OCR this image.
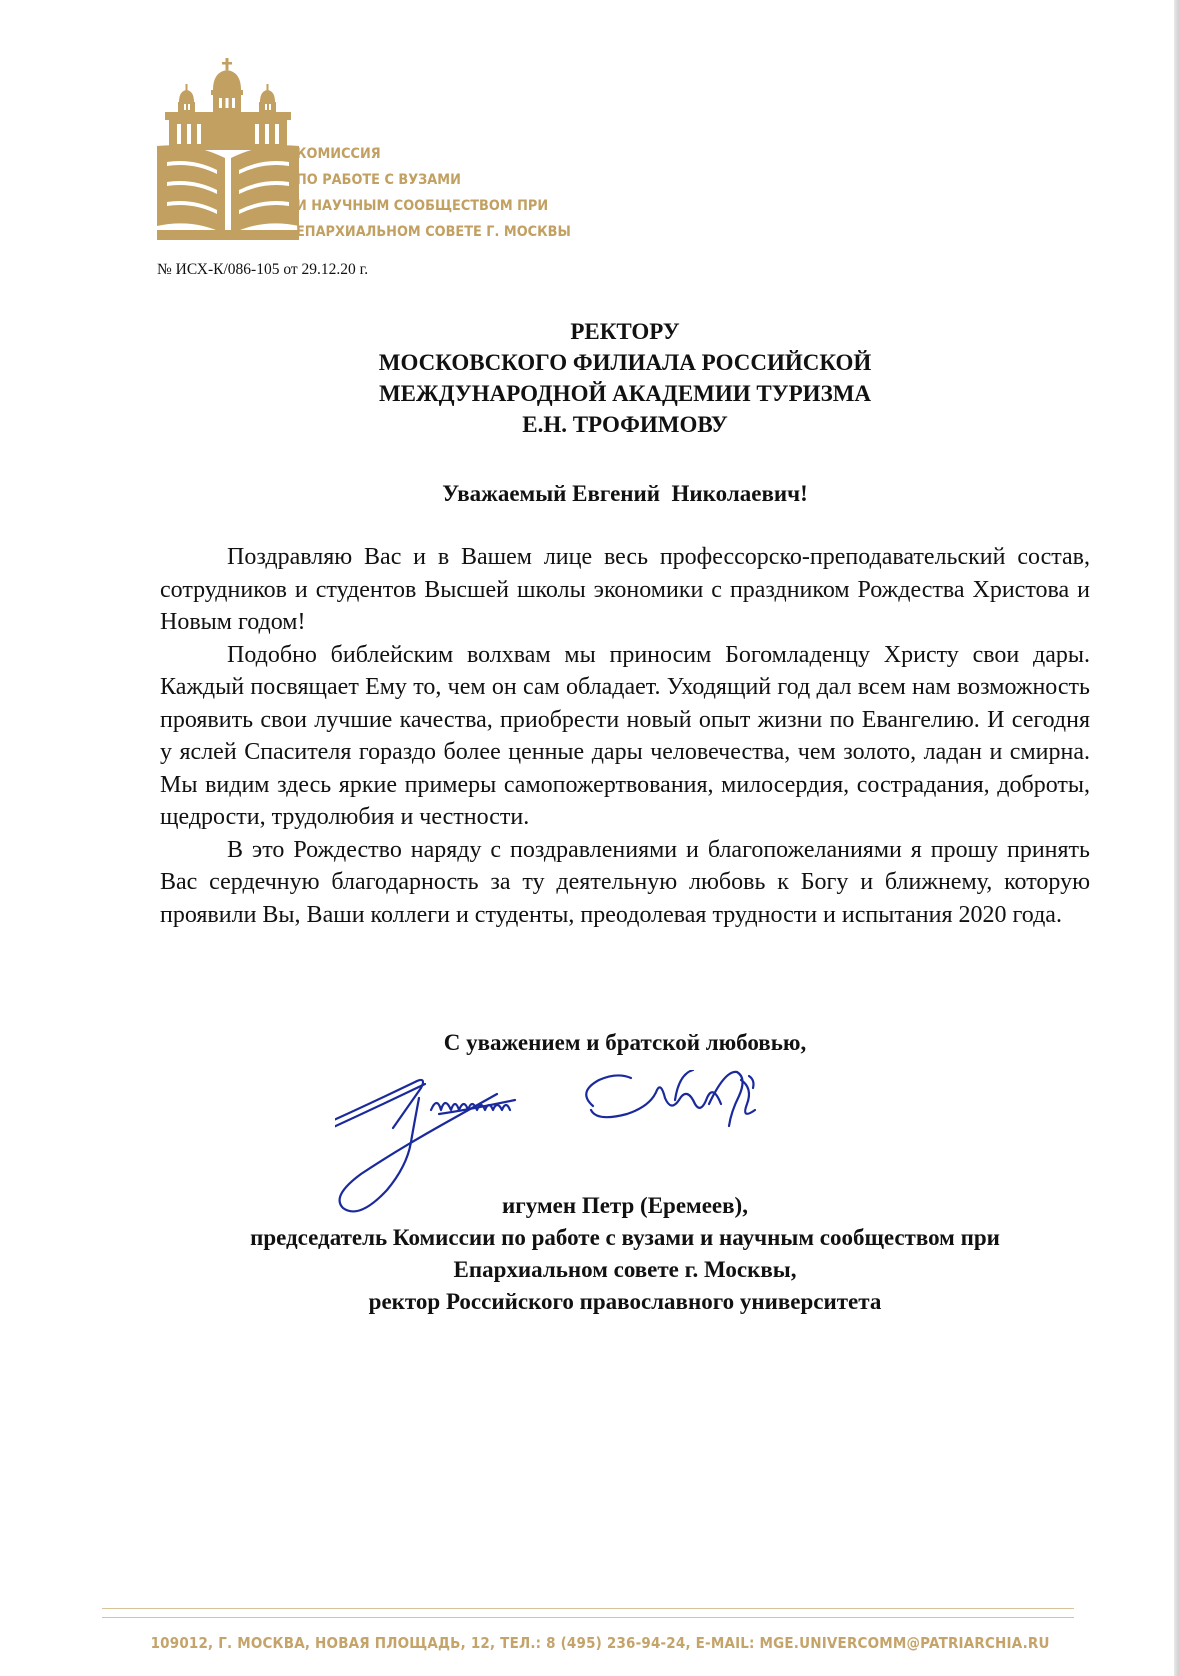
КОМИССИЯ
ПО РАБОТЕ С ВУЗАМИ
И НАУЧНЫМ СООБЩЕСТВОМ ПРИ
ЕПАРХИАЛЬНОМ СОВЕТЕ Г. МОСКВЫ
№ ИСХ-К/086-105 от 29.12.20 г.
РЕКТОРУ
МОСКОВСКОГО ФИЛИАЛА РОССИЙСКОЙ
МЕЖДУНАРОДНОЙ АКАДЕМИИ ТУРИЗМА
Е.Н. ТРОФИМОВУ
Уважаемый Евгений  Николаевич!

Поздравляю Вас и в Вашем лице весь профессорско-преподавательский состав, сотрудников и студентов Высшей школы экономики с праздником Рождества Христова и Новым годом!

Подобно библейским волхвам мы приносим Богомладенцу Христу свои дары. Каждый посвящает Ему то, чем он сам обладает. Уходящий год дал всем нам возможность проявить свои лучшие качества, приобрести новый опыт жизни по Евангелию. И сегодня у яслей Спасителя гораздо более ценные дары человечества, чем золото, ладан и смирна. Мы видим здесь яркие примеры самопожертвования, милосердия, сострадания, доброты, щедрости, трудолюбия и честности.

В это Рождество наряду с поздравлениями и благопожеланиями я прошу принять Вас сердечную благодарность за ту деятельную любовь к Богу и ближнему, которую проявили Вы, Ваши коллеги и студенты, преодолевая трудности и испытания 2020 года.

С уважением и братской любовью,
игумен Петр (Еремеев),
председатель Комиссии по работе с вузами и научным сообществом при
Епархиальном совете г. Москвы,
ректор Российского православного университета
109012, Г. МОСКВА, НОВАЯ ПЛОЩАДЬ, 12, ТЕЛ.: 8 (495) 236-94-24, E-MAIL: MGE.UNIVERCOMM@PATRIARCHIA.RU
